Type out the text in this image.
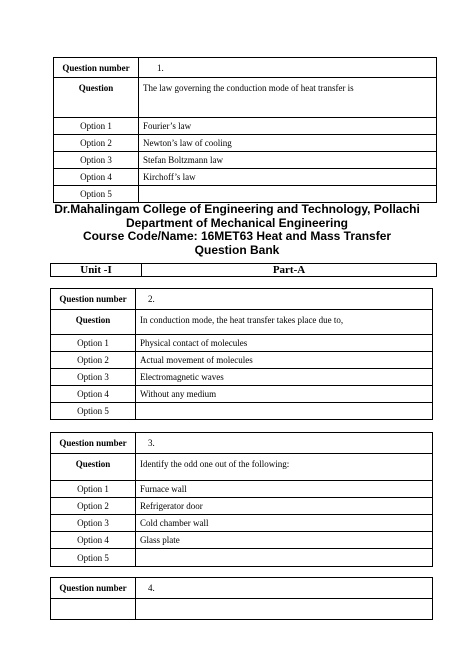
Question number	1.
Question	The law governing the conduction mode of heat transfer is
Option 1	Fourier’s law
Option 2	Newton’s law of cooling
Option 3	Stefan Boltzmann law
Option 4	Kirchoff’s law
Option 5	
Dr.Mahalingam College of Engineering and Technology, Pollachi
Department of Mechanical Engineering
Course Code/Name: 16MET63 Heat and Mass Transfer
Question Bank
Unit -I	Part-A
Question number	2.
Question	In conduction mode, the heat transfer takes place due to,
Option 1	Physical contact of molecules
Option 2	Actual movement of molecules
Option 3	Electromagnetic waves
Option 4	Without any medium
Option 5	
Question number	3.
Question	Identify the odd one out of the following:
Option 1	Furnace wall
Option 2	Refrigerator door
Option 3	Cold chamber wall
Option 4	Glass plate
Option 5	
Question number	4.
